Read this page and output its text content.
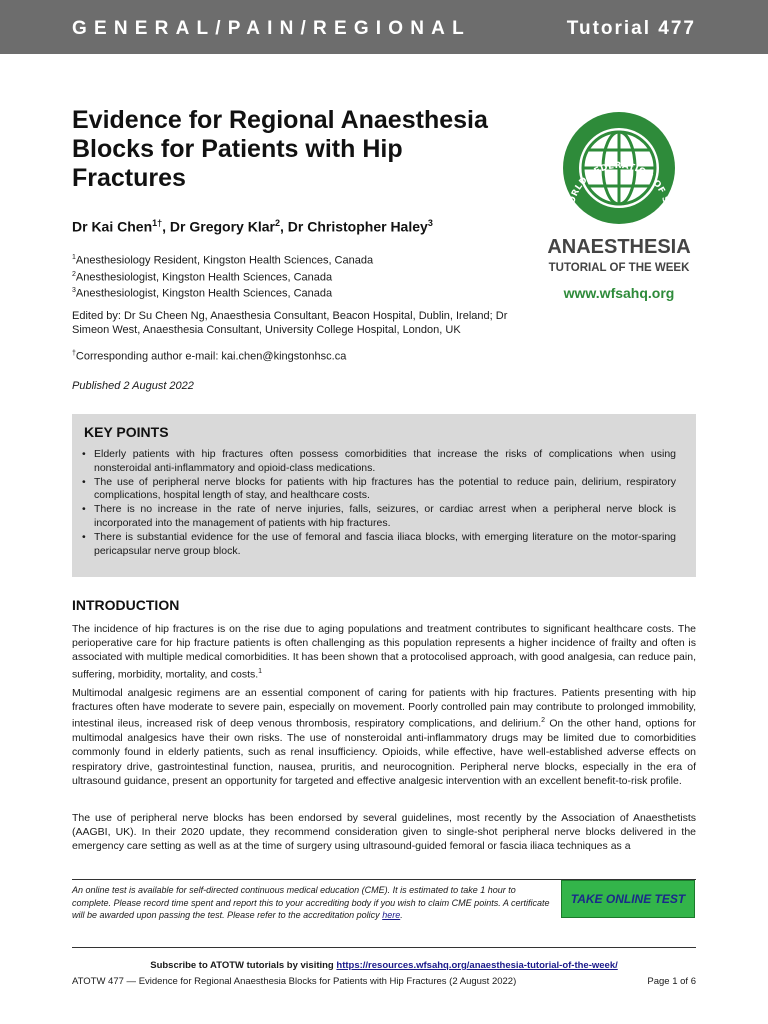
GENERAL/PAIN/REGIONAL	Tutorial 477
Evidence for Regional Anaesthesia Blocks for Patients with Hip Fractures
Dr Kai Chen$^{1\dagger}$, Dr Gregory Klar$^2$, Dr Christopher Haley$^3$
$^1$Anesthesiology Resident, Kingston Health Sciences, Canada
$^2$Anesthesiologist, Kingston Health Sciences, Canada
$^3$Anesthesiologist, Kingston Health Sciences, Canada
Edited by: Dr Su Cheen Ng, Anaesthesia Consultant, Beacon Hospital, Dublin, Ireland; Dr Simeon West, Anaesthesia Consultant, University College Hospital, London, UK
†Corresponding author e-mail: kai.chen@kingstonhsc.ca
Published 2 August 2022
WORLD FEDERATION OF SOCIE LO
ANAESTHESIA
TUTORIAL OF THE WEEK
www.wfsahq.org
KEY POINTS
• Elderly patients with hip fractures often possess comorbidities that increase the risks of complications when using nonsteroidal anti-inflammatory and opioid-class medications.
• The use of peripheral nerve blocks for patients with hip fractures has the potential to reduce pain, delirium, respiratory complications, hospital length of stay, and healthcare costs.
• There is no increase in the rate of nerve injuries, falls, seizures, or cardiac arrest when a peripheral nerve block is incorporated into the management of patients with hip fractures.
• There is substantial evidence for the use of femoral and fascia iliaca blocks, with emerging literature on the motor-sparing pericapsular nerve group block.
INTRODUCTION

The incidence of hip fractures is on the rise due to aging populations and treatment contributes to significant healthcare costs. The perioperative care for hip fracture patients is often challenging as this population represents a higher incidence of frailty and often is associated with multiple medical comorbidities. It has been shown that a protocolised approach, with good analgesia, can reduce pain, suffering, morbidity, mortality, and costs.$^1$

Multimodal analgesic regimens are an essential component of caring for patients with hip fractures. Patients presenting with hip fractures often have moderate to severe pain, especially on movement. Poorly controlled pain may contribute to prolonged immobility, intestinal ileus, increased risk of deep venous thrombosis, respiratory complications, and delirium.$^2$ On the other hand, options for multimodal analgesics have their own risks. The use of nonsteroidal anti-inflammatory drugs may be limited due to comorbidities commonly found in elderly patients, such as renal insufficiency. Opioids, while effective, have well-established adverse effects on respiratory drive, gastrointestinal function, nausea, pruritis, and neurocognition. Peripheral nerve blocks, especially in the era of ultrasound guidance, present an opportunity for targeted and effective analgesic intervention with an excellent benefit-to-risk profile.

The use of peripheral nerve blocks has been endorsed by several guidelines, most recently by the Association of Anaesthetists (AAGBI, UK). In their 2020 update, they recommend consideration given to single-shot peripheral nerve blocks delivered in the emergency care setting as well as at the time of surgery using ultrasound-guided femoral or fascia iliaca techniques as a

An online test is available for self-directed continuous medical education (CME). It is estimated to take 1 hour to complete. Please record time spent and report this to your accrediting body if you wish to claim CME points. A certificate will be awarded upon passing the test. Please refer to the accreditation policy here.
TAKE ONLINE TEST
Subscribe to ATOTW tutorials by visiting https://resources.wfsahq.org/anaesthesia-tutorial-of-the-week/
ATOTW 477 — Evidence for Regional Anaesthesia Blocks for Patients with Hip Fractures (2 August 2022)	Page 1 of 6
